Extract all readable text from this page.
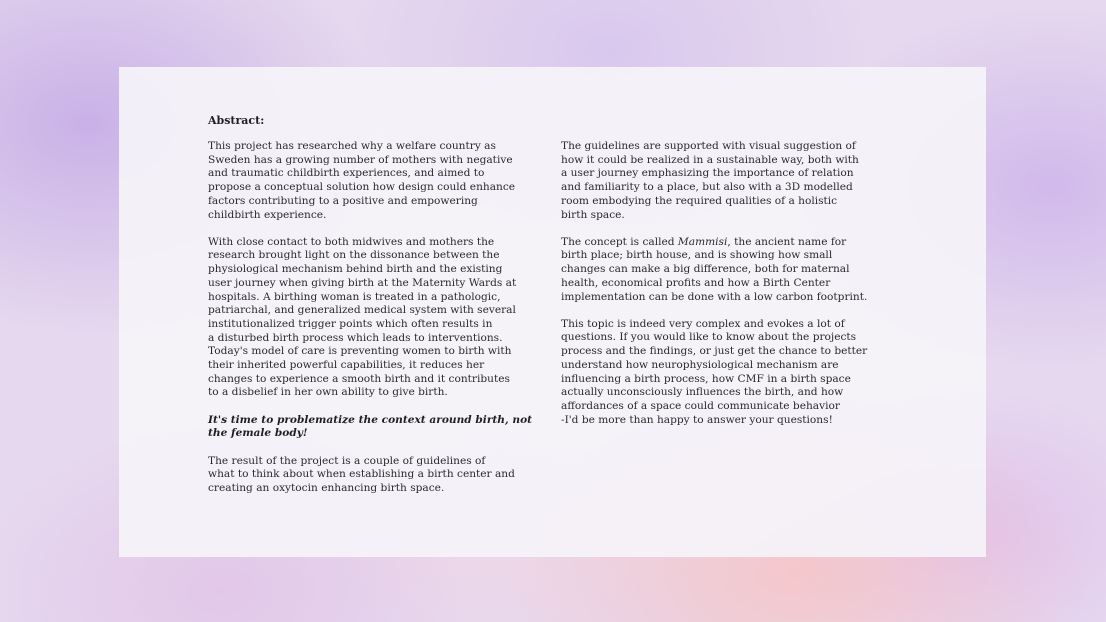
Abstract:

This project has researched why a welfare country as
Sweden has a growing number of mothers with negative
and traumatic childbirth experiences, and aimed to
propose a conceptual solution how design could enhance
factors contributing to a positive and empowering
childbirth experience.

With close contact to both midwives and mothers the
research brought light on the dissonance between the
physiological mechanism behind birth and the existing
user journey when giving birth at the Maternity Wards at
hospitals. A birthing woman is treated in a pathologic,
patriarchal, and generalized medical system with several
institutionalized trigger points which often results in
a disturbed birth process which leads to interventions.
Today's model of care is preventing women to birth with
their inherited powerful capabilities, it reduces her
changes to experience a smooth birth and it contributes
to a disbelief in her own ability to give birth.

It's time to problematize the context around birth, not
the female body!

The result of the project is a couple of guidelines of
what to think about when establishing a birth center and
creating an oxytocin enhancing birth space.

The guidelines are supported with visual suggestion of
how it could be realized in a sustainable way, both with
a user journey emphasizing the importance of relation
and familiarity to a place, but also with a 3D modelled
room embodying the required qualities of a holistic
birth space.

The concept is called Mammisi, the ancient name for
birth place; birth house, and is showing how small
changes can make a big difference, both for maternal
health, economical profits and how a Birth Center
implementation can be done with a low carbon footprint.

This topic is indeed very complex and evokes a lot of
questions. If you would like to know about the projects
process and the findings, or just get the chance to better
understand how neurophysiological mechanism are
influencing a birth process, how CMF in a birth space
actually unconsciously influences the birth, and how
affordances of a space could communicate behavior
-I'd be more than happy to answer your questions!
